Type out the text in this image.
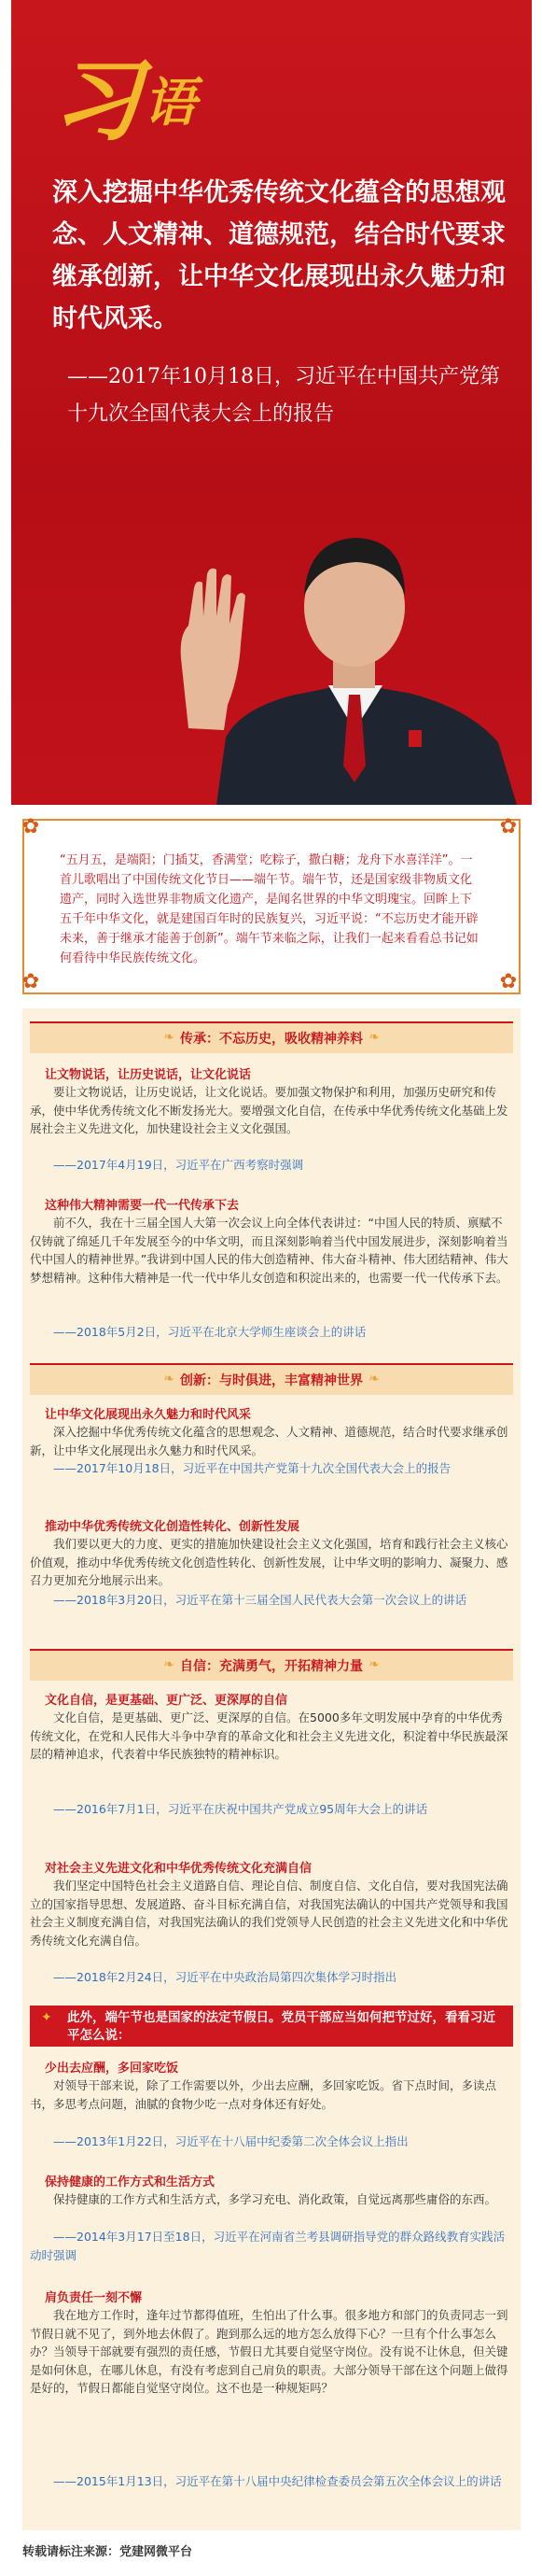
习 语
深入挖掘中华优秀传统文化蕴含的思想观念、人文精神、道德规范，结合时代要求继承创新，让中华文化展现出永久魅力和时代风采。
——2017年10月18日，习近平在中国共产党第十九次全国代表大会上的报告
✿	✿
✿	✿
“五月五，是端阳；门插艾，香满堂；吃粽子，撒白糖；龙舟下水喜洋洋”。一首儿歌唱出了中国传统文化节日——端午节。端午节，还是国家级非物质文化遗产，同时入选世界非物质文化遗产，是闻名世界的中华文明瑰宝。回眸上下五千年中华文化，就是建国百年时的民族复兴，习近平说：“不忘历史才能开辟未来，善于继承才能善于创新”。端午节来临之际，让我们一起来看看总书记如何看待中华民族传统文化。
❧ 传承：不忘历史，吸收精神养料 ❧
让文物说话，让历史说话，让文化说话
要让文物说话，让历史说话，让文化说话。要加强文物保护和利用，加强历史研究和传承，使中华优秀传统文化不断发扬光大。要增强文化自信，在传承中华优秀传统文化基础上发展社会主义先进文化，加快建设社会主义文化强国。
——2017年4月19日，习近平在广西考察时强调
这种伟大精神需要一代一代传承下去
前不久，我在十三届全国人大第一次会议上向全体代表讲过：“中国人民的特质、禀赋不仅铸就了绵延几千年发展至今的中华文明，而且深刻影响着当代中国发展进步，深刻影响着当代中国人的精神世界。”我讲到中国人民的伟大创造精神、伟大奋斗精神、伟大团结精神、伟大梦想精神。这种伟大精神是一代一代中华儿女创造和积淀出来的，也需要一代一代传承下去。
——2018年5月2日，习近平在北京大学师生座谈会上的讲话
❧ 创新：与时俱进，丰富精神世界 ❧
让中华文化展现出永久魅力和时代风采
深入挖掘中华优秀传统文化蕴含的思想观念、人文精神、道德规范，结合时代要求继承创新，让中华文化展现出永久魅力和时代风采。
——2017年10月18日，习近平在中国共产党第十九次全国代表大会上的报告
推动中华优秀传统文化创造性转化、创新性发展
我们要以更大的力度、更实的措施加快建设社会主义文化强国，培育和践行社会主义核心价值观，推动中华优秀传统文化创造性转化、创新性发展，让中华文明的影响力、凝聚力、感召力更加充分地展示出来。
——2018年3月20日，习近平在第十三届全国人民代表大会第一次会议上的讲话
❧ 自信：充满勇气，开拓精神力量 ❧
文化自信，是更基础、更广泛、更深厚的自信
文化自信，是更基础、更广泛、更深厚的自信。在5000多年文明发展中孕育的中华优秀传统文化，在党和人民伟大斗争中孕育的革命文化和社会主义先进文化，积淀着中华民族最深层的精神追求，代表着中华民族独特的精神标识。
——2016年7月1日，习近平在庆祝中国共产党成立95周年大会上的讲话
对社会主义先进文化和中华优秀传统文化充满自信
我们坚定中国特色社会主义道路自信、理论自信、制度自信、文化自信，要对我国宪法确立的国家指导思想、发展道路、奋斗目标充满自信，对我国宪法确认的中国共产党领导和我国社会主义制度充满自信，对我国宪法确认的我们党领导人民创造的社会主义先进文化和中华优秀传统文化充满自信。
——2018年2月24日，习近平在中央政治局第四次集体学习时指出
✦	此外，端午节也是国家的法定节假日。党员干部应当如何把节过好，看看习近平怎么说：
少出去应酬，多回家吃饭
对领导干部来说，除了工作需要以外，少出去应酬，多回家吃饭。省下点时间，多读点书，多思考点问题，油腻的食物少吃一点对身体还有好处。
——2013年1月22日，习近平在十八届中纪委第二次全体会议上指出
保持健康的工作方式和生活方式
保持健康的工作方式和生活方式，多学习充电、消化政策，自觉远离那些庸俗的东西。
——2014年3月17日至18日，习近平在河南省兰考县调研指导党的群众路线教育实践活动时强调
肩负责任一刻不懈
我在地方工作时，逢年过节都得值班，生怕出了什么事。很多地方和部门的负责同志一到节假日就不见了，到外地去休假了。跑到那么远的地方怎么放得下心？一旦有个什么事怎么办？当领导干部就要有强烈的责任感，节假日尤其要自觉坚守岗位。没有说不让休息，但关键是如何休息，在哪儿休息，有没有考虑到自己肩负的职责。大部分领导干部在这个问题上做得是好的，节假日都能自觉坚守岗位。这不也是一种规矩吗？
——2015年1月13日，习近平在第十八届中央纪律检查委员会第五次全体会议上的讲话
转载请标注来源：党建网微平台
